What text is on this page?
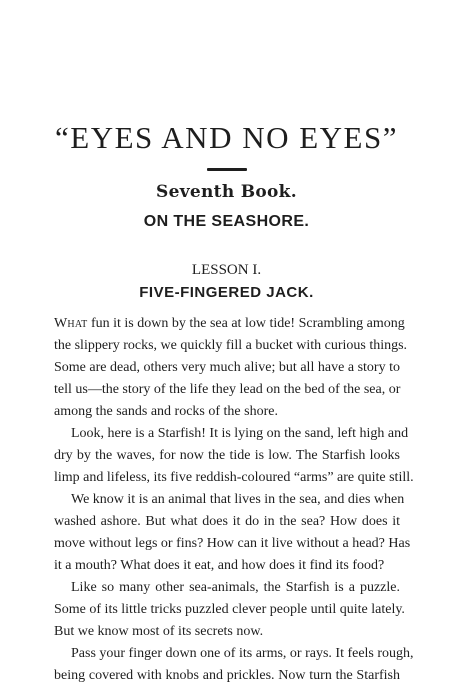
“EYES AND NO EYES”
Seventh Book.
ON THE SEASHORE.
LESSON I.
FIVE-FINGERED JACK.
What fun it is down by the sea at low tide! Scrambling among
the slippery rocks, we quickly fill a bucket with curious things.
Some are dead, others very much alive; but all have a story to
tell us—the story of the life they lead on the bed of the sea, or
among the sands and rocks of the shore.
Look, here is a Starfish! It is lying on the sand, left high and
dry by the waves, for now the tide is low. The Starfish looks
limp and lifeless, its five reddish-coloured “arms” are quite still.
We know it is an animal that lives in the sea, and dies when
washed ashore. But what does it do in the sea? How does it
move without legs or fins? How can it live without a head? Has
it a mouth? What does it eat, and how does it find its food?
Like so many other sea-animals, the Starfish is a puzzle.
Some of its little tricks puzzled clever people until quite lately.
But we know most of its secrets now.
Pass your finger down one of its arms, or rays. It feels rough,
being covered with knobs and prickles. Now turn the Starfish
